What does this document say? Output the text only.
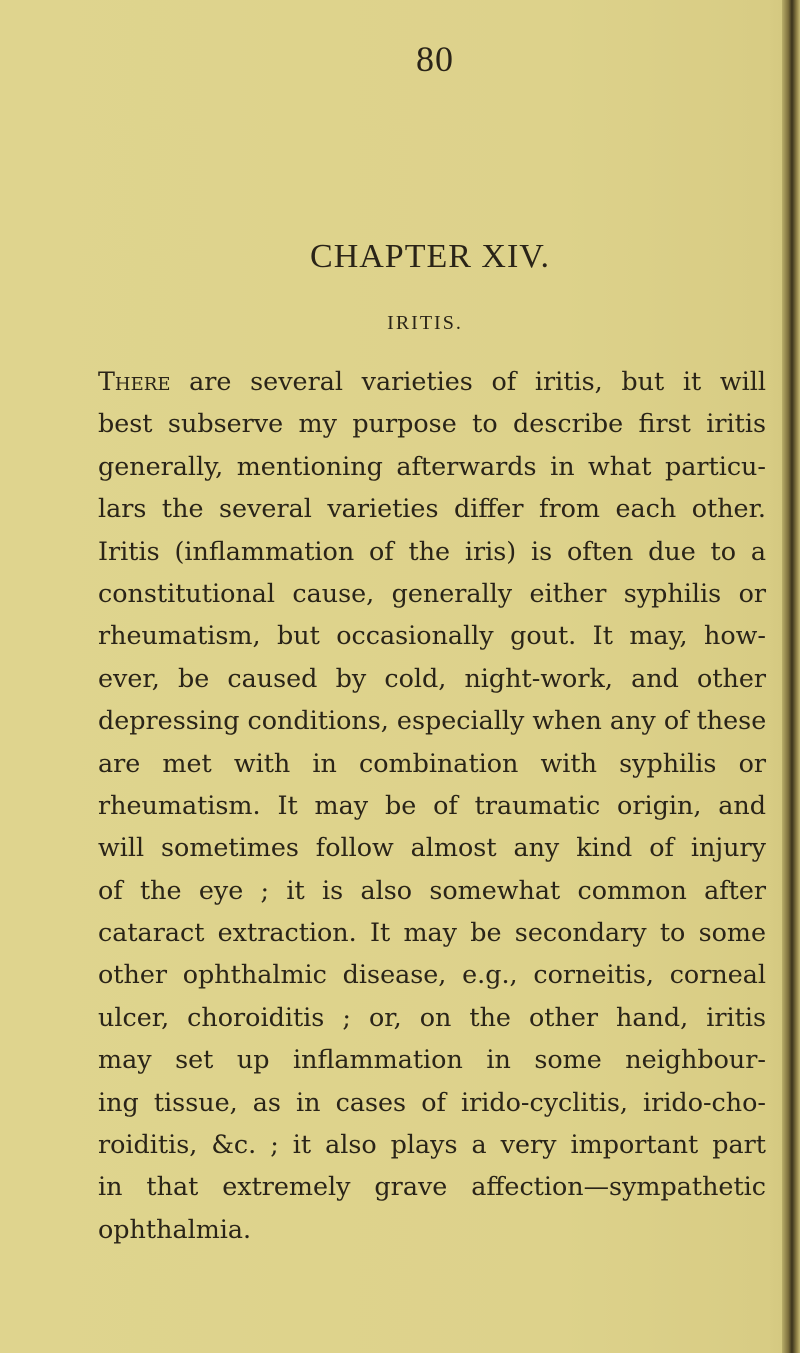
80
CHAPTER XIV.
IRITIS.
There are several varieties of iritis, but it will
best subserve my purpose to describe first iritis
generally, mentioning afterwards in what particu-
lars the several varieties differ from each other.
Iritis (inflammation of the iris) is often due to a
constitutional cause, generally either syphilis or
rheumatism, but occasionally gout. It may, how-
ever, be caused by cold, night-work, and other
depressing conditions, especially when any of these
are met with in combination with syphilis or
rheumatism. It may be of traumatic origin, and
will sometimes follow almost any kind of injury
of the eye ; it is also somewhat common after
cataract extraction. It may be secondary to some
other ophthalmic disease, e.g., corneitis, corneal
ulcer, choroiditis ; or, on the other hand, iritis
may set up inflammation in some neighbour-
ing tissue, as in cases of irido-cyclitis, irido-cho-
roiditis, &c. ; it also plays a very important part
in that extremely grave affection—sympathetic
ophthalmia.
